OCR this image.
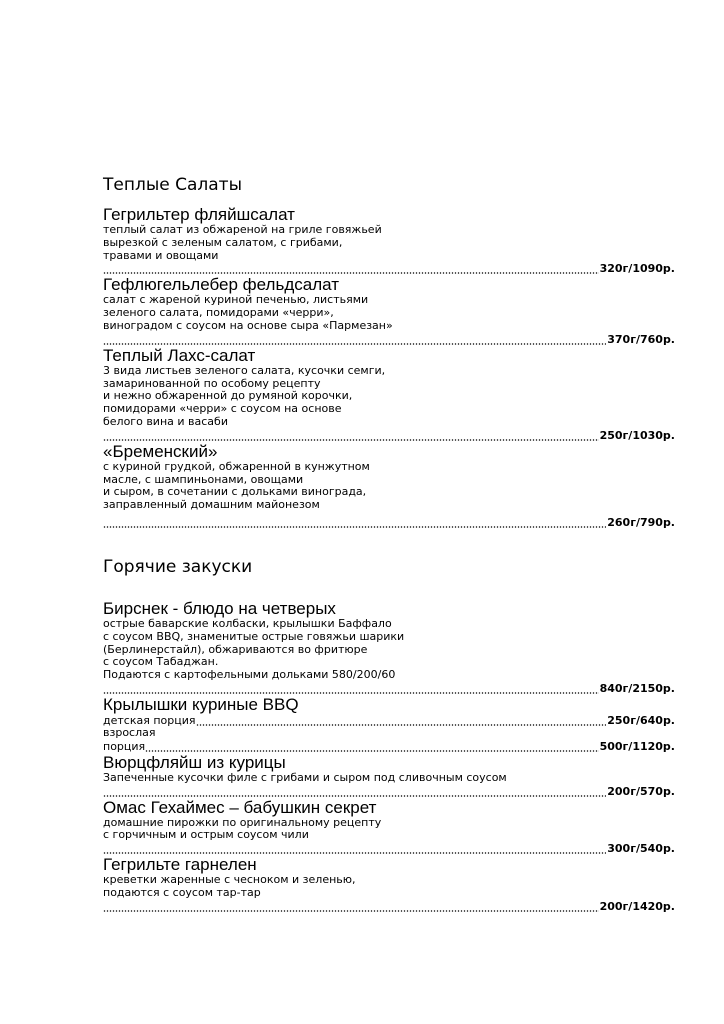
Теплые Салаты
Гегрильтер фляйшсалат
теплый салат из обжареной на гриле говяжьей
вырезкой с зеленым салатом, с грибами,
травами и овощами
320г/1090р.
Гефлюгельлебер фельдсалат
салат с жареной куриной печенью, листьями
зеленого салата, помидорами «черри»,
виноградом с соусом на основе сыра «Пармезан»
370г/760р.
Теплый Лахс-салат
3 вида листьев зеленого салата, кусочки семги,
замаринованной по особому рецепту
и нежно обжаренной до румяной корочки,
помидорами «черри» с соусом на основе
белого вина и васаби
250г/1030р.
«Бременский»
с куриной грудкой, обжаренной в кунжутном
масле, с шампиньонами, овощами
и сыром, в сочетании с дольками винограда,
заправленный домашним майонезом
260г/790р.
Горячие закуски
Бирснек - блюдо на четверых
острые баварские колбаски, крылышки Баффало
с соусом BBQ, знаменитые острые говяжьи шарики
(Берлинерстайл), обжариваются во фритюре
с соусом Табаджан.
Подаются с картофельными дольками 580/200/60
840г/2150р.
Крылышки куриные BBQ
детская порция	250г/640р.
взрослая
порция	500г/1120р.
Вюрцфляйш из курицы
Запеченные кусочки филе с грибами и сыром под сливочным соусом
200г/570р.
Омас Гехаймес – бабушкин секрет
домашние пирожки по оригинальному рецепту
с горчичным и острым соусом чили
300г/540р.
Гегрильте гарнелен
креветки жаренные с чесноком и зеленью,
подаются с соусом тар-тар
200г/1420р.
